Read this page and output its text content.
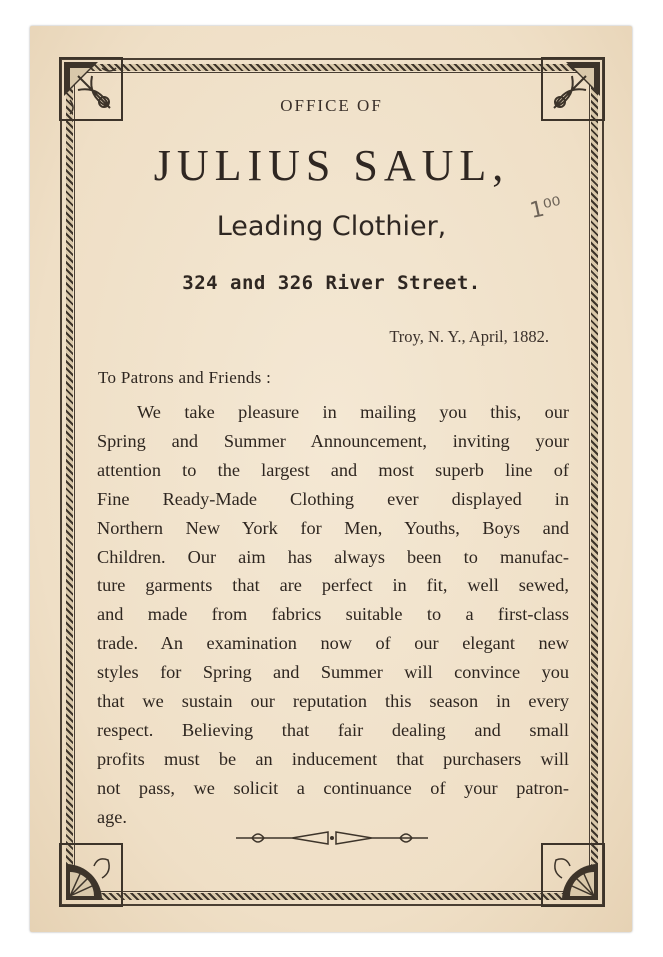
OFFICE OF
JULIUS SAUL,
Leading Clothier,
324 and 326 River Street.
1⁰⁰
Troy, N. Y., April, 1882.
To Patrons and Friends :
We take pleasure in mailing you this, our
Spring and Summer Announcement, inviting your
attention to the largest and most superb line of
Fine Ready-Made Clothing ever displayed in
Northern New York for Men, Youths, Boys and
Children. Our aim has always been to manufac-
ture garments that are perfect in fit, well sewed,
and made from fabrics suitable to a first-class
trade. An examination now of our elegant new
styles for Spring and Summer will convince you
that we sustain our reputation this season in every
respect. Believing that fair dealing and small
profits must be an inducement that purchasers will
not pass, we solicit a continuance of your patron-
age.
